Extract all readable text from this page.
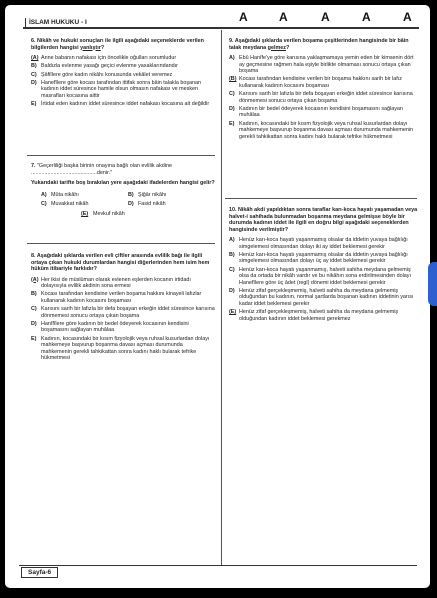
İSLAM HUKUKU - I	A	A	A	A	A

6. Nikâh ve hukuki sonuçları ile ilgili aşağıdaki seçeneklerde verilen bilgilerden hangisi yanlıştır?

(A) Anne babanın nafakası için öncelikle oğulları sorumludur
B) Baldızla evlenme yasağı geçici evlenme yasaklarındandır
C) Şâfiîlere göre kadın nikâhı konusunda vekâlet veremez
D) Hanefîlere göre kocası tarafından ittifak sonra bâin talakla boşanan kadının iddet süresince hamile olsun olmasın nafakası ve mesken masrafları kocasına aittir
E) İrtidat eden kadının iddet süresince iddet nafakası kocasına ait değildir

7. "Geçerliliği başka birinin onayına bağlı olan evlilik akdine ............................................denir."

Yukarıdaki tarifte boş bırakılan yere aşağıdaki ifadelerden hangisi gelir?

A) Mûta nikâhı	B) Şiğâr nikâhı
C) Muvakkat nikâh	D) Fasid nikâh
(E) Mevkuf nikâh

8. Aşağıdaki şıklarda verilen evli çiftler arasında evlilik bağı ile ilgili ortaya çıkan hukuki durumlardan hangisi diğerlerinden hem isim hem hüküm itibariyle farklıdır?

(A) Her ikisi de müslüman olarak evlenen eşlerden kocanın irtidadı dolayısıyla evlilik akdinin sona ermesi
B) Kocası tarafından kendisine verilen boşama hakkını kinayeli lafızlar kullanarak kadının kocasını boşaması
C) Karısını sarih bir lafızla bir defa boşayan erkeğin iddet süresince karısına dönmemesi sonucu ortaya çıkan boşama
D) Hanîfîlere göre kadının bir bedel ödeyerek kocasının kendisini boşamasını sağlayan muhâlaa
E) Kadının, kocasındaki bir kısım fizyolojik veya ruhsal kusurlardan dolayı mahkemeye başvurup boşanma davası açması durumunda mahkemenin gerekli tahkikattan sonra kadını haklı bularak tefrike hükmetmesi

9. Aşağıdaki şıklarda verilen boşama çeşitlerinden hangisinde bir bâin talak meydana gelmez?

A) Ebû Hanîfe'ye göre karısına yaklaşmamaya yemin eden bir kimsenin dört ay geçmesine rağmen hala eşiyle birlikte olmaması sonucu ortaya çıkan boşama
(B) Kocası tarafından kendisine verilen bir boşama hakkını sarih bir lafız kullanarak kadının kocasını boşaması
C) Karısını sarih bir lafızla bir defa boşayan erkeğin iddet süresince karısına dönmemesi sonucu ortaya çıkan boşama
D) Kadının bir bedel ödeyerek kocasının kendisini boşamasını sağlayan muhâlaa
E) Kadının, kocasındaki bir kısım fizyolojik veya ruhsal kusurlardan dolayı mahkemeye başvurup boşanma davası açması durumunda mahkemenin gerekli tahkikattan sonra kadını haklı bularak tefrike hükmetmesi

10. Nikâh akdi yapıldıktan sonra taraflar karı-koca hayatı yaşamadan veya halvet-i sahihada bulunmadan boşanma meydana gelmişse böyle bir durumda kadının iddet ile ilgili en doğru bilgi aşağıdaki seçeneklerden hangisinde verilmiştir?

A) Henüz karı-koca hayatı yaşanmamış olsalar da iddetin yuvaya bağlılığı simgelemesi olmasından dolayı iki ay iddet beklemesi gerekir
B) Henüz karı-koca hayatı yaşanmamış olsalar da iddetin yuvaya bağlılığı simgelemesi olmasından dolayı üç ay iddet beklemesi gerekir
C) Henüz karı-koca hayatı yaşanmamış, halveti sahiha meydana gelmemiş olsa da ortada bir nikâh vardır ve bu nikâhın sona erdirilmesinden dolayı Hanefîlere göre üç âdet (regl) dönemi iddet beklemesi gerekir
D) Henüz zifaf gerçekleşmemiş, halveti sahiha da meydana gelmemiş olduğundan bu kadının, normal şartlarda boşanan kadının iddetinin yarısı kadar iddet beklemesi gerekir
(E) Henüz zifaf gerçekleşmemiş, halveti sahiha da meydana gelmemiş olduğundan kadının iddet beklemesi gerekmez
Sayfa-6
